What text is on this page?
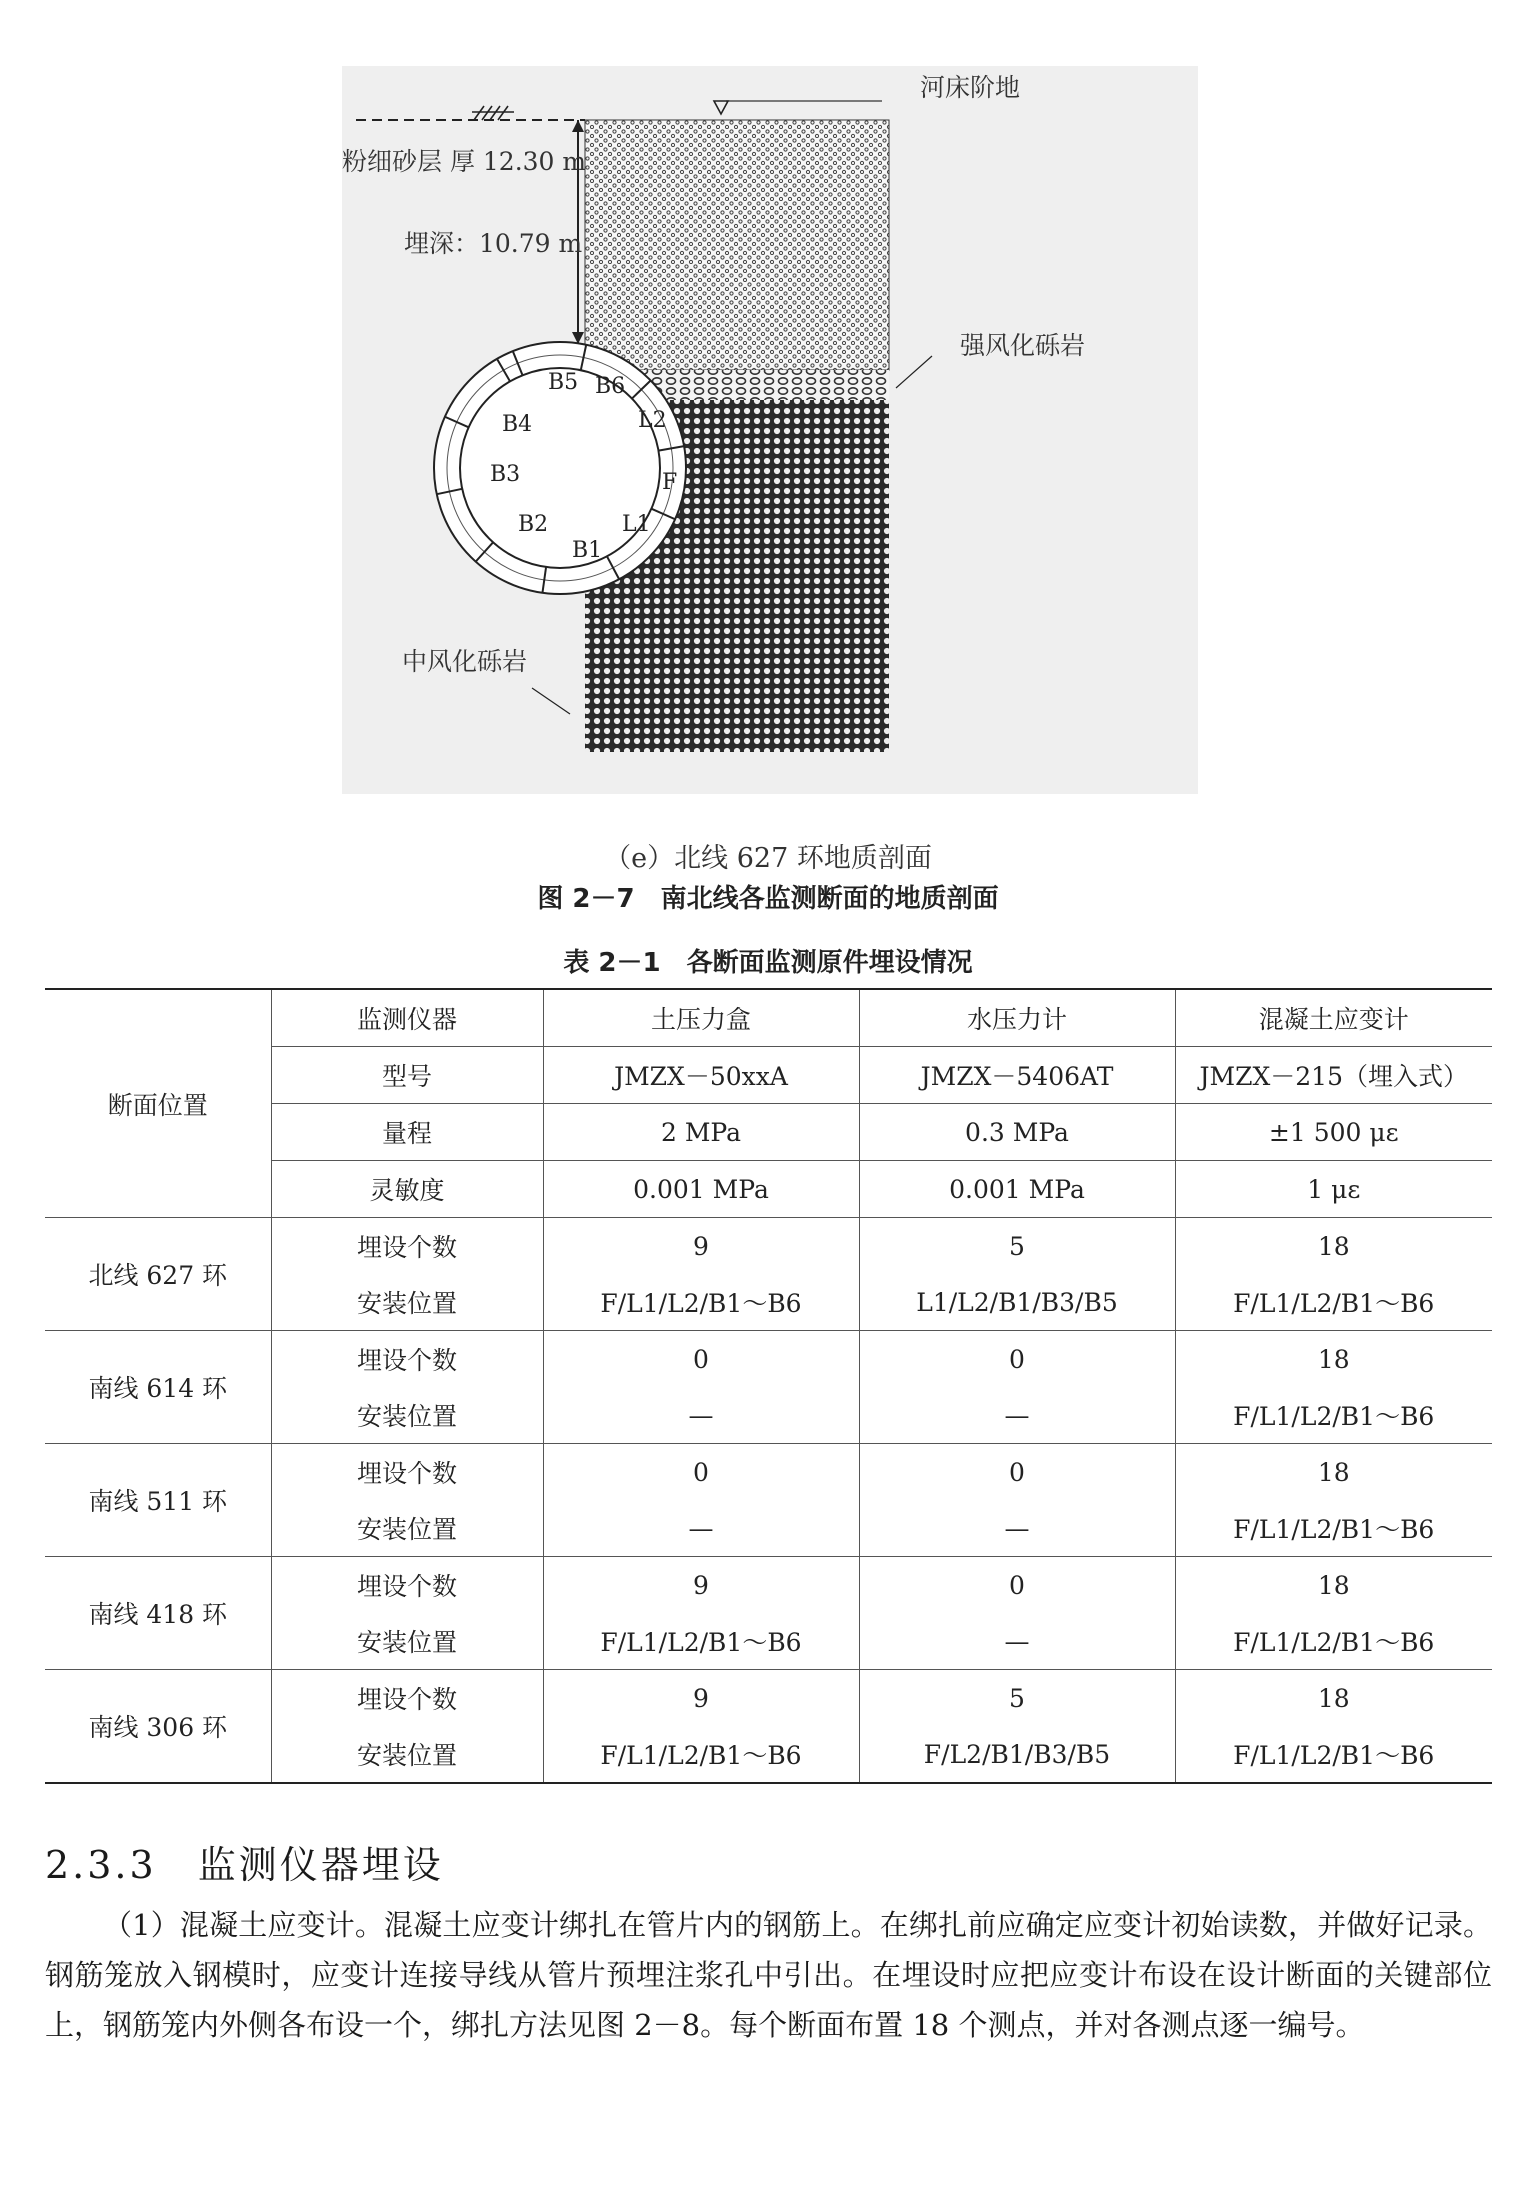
河床阶地
粉细砂层 厚 12.30 m
埋深：10.79 m
强风化砾岩
中风化砾岩
B5 B6
L2
B4
B3	F
B2	L1
B1
（e）北线 627 环地质剖面
图 2－7　南北线各监测断面的地质剖面
表 2－1　各断面监测原件埋设情况
断面位置	监测仪器	土压力盒	水压力计	混凝土应变计
	型号	JMZX－50xxA	JMZX－5406AT	JMZX－215（埋入式）
	量程	2 MPa	0.3 MPa	±1 500 με
	灵敏度	0.001 MPa	0.001 MPa	1 με
北线 627 环	埋设个数	9	5	18
	安装位置	F/L1/L2/B1～B6	L1/L2/B1/B3/B5	F/L1/L2/B1～B6
南线 614 环	埋设个数	0	0	18
	安装位置	—	—	F/L1/L2/B1～B6
南线 511 环	埋设个数	0	0	18
	安装位置	—	—	F/L1/L2/B1～B6
南线 418 环	埋设个数	9	0	18
	安装位置	F/L1/L2/B1～B6	—	F/L1/L2/B1～B6
南线 306 环	埋设个数	9	5	18
	安装位置	F/L1/L2/B1～B6	F/L2/B1/B3/B5	F/L1/L2/B1～B6
2.3.3　监测仪器埋设

（1）混凝土应变计。混凝土应变计绑扎在管片内的钢筋上。在绑扎前应确定应变计初始读数，并做好记录。钢筋笼放入钢模时，应变计连接导线从管片预埋注浆孔中引出。在埋设时应把应变计布设在设计断面的关键部位上，钢筋笼内外侧各布设一个，绑扎方法见图 2－8。每个断面布置 18 个测点，并对各测点逐一编号。
